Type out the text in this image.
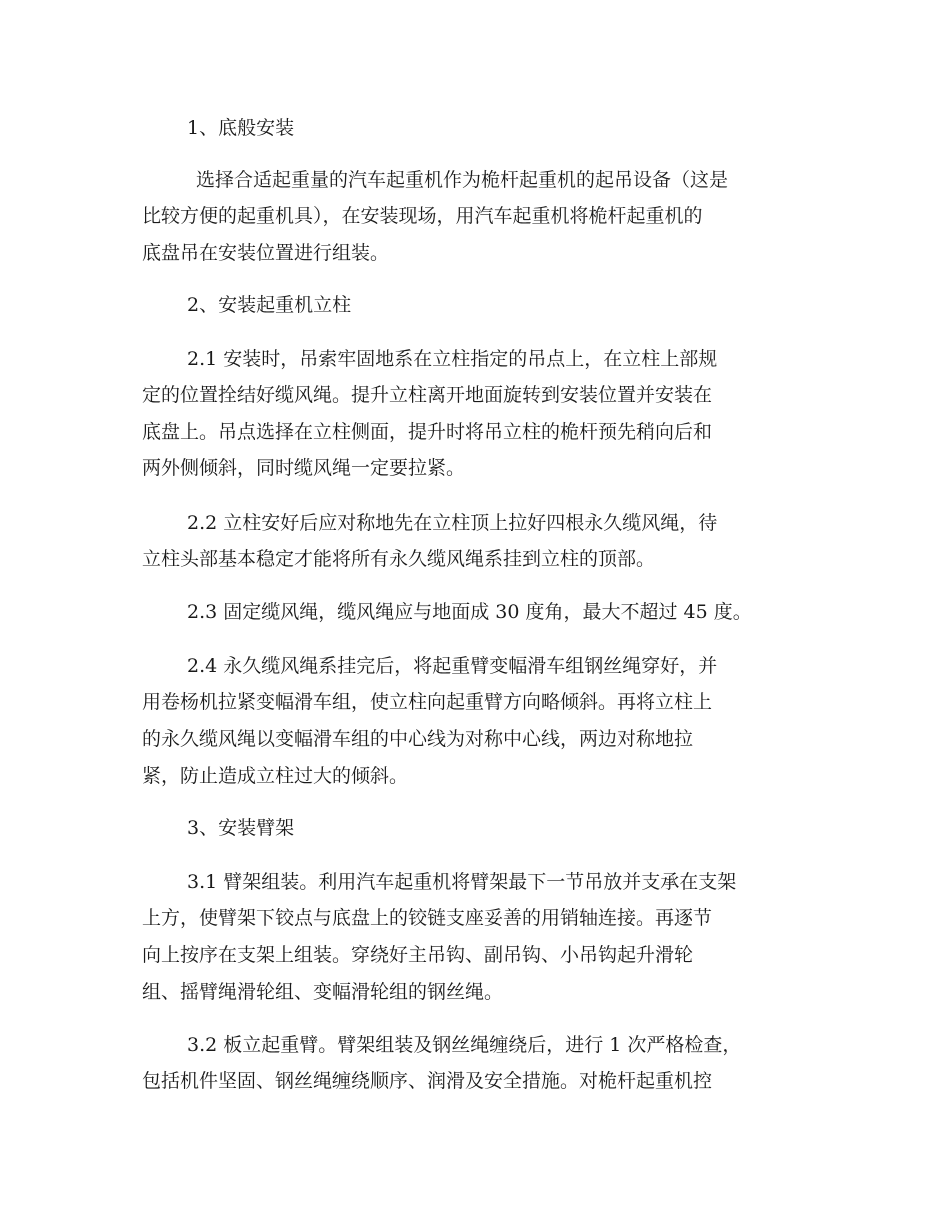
1、底般安装

选择合适起重量的汽车起重机作为桅杆起重机的起吊设备（这是

比较方便的起重机具），在安装现场，用汽车起重机将桅杆起重机的

底盘吊在安装位置进行组装。

2、安装起重机立柱

2.1 安装时，吊索牢固地系在立柱指定的吊点上，在立柱上部规

定的位置拴结好缆风绳。提升立柱离开地面旋转到安装位置并安装在

底盘上。吊点选择在立柱侧面，提升时将吊立柱的桅杆预先稍向后和

两外侧倾斜，同时缆风绳一定要拉紧。

2.2 立柱安好后应对称地先在立柱顶上拉好四根永久缆风绳，待

立柱头部基本稳定才能将所有永久缆风绳系挂到立柱的顶部。

2.3 固定缆风绳，缆风绳应与地面成 30 度角，最大不超过 45 度。

2.4 永久缆风绳系挂完后，将起重臂变幅滑车组钢丝绳穿好，并

用卷杨机拉紧变幅滑车组，使立柱向起重臂方向略倾斜。再将立柱上

的永久缆风绳以变幅滑车组的中心线为对称中心线，两边对称地拉

紧，防止造成立柱过大的倾斜。

3、安装臂架

3.1 臂架组装。利用汽车起重机将臂架最下一节吊放并支承在支架

上方，使臂架下铰点与底盘上的铰链支座妥善的用销轴连接。再逐节

向上按序在支架上组装。穿绕好主吊钩、副吊钩、小吊钩起升滑轮

组、摇臂绳滑轮组、变幅滑轮组的钢丝绳。

3.2 板立起重臂。臂架组装及钢丝绳缠绕后，进行 1 次严格检查，

包括机件坚固、钢丝绳缠绕顺序、润滑及安全措施。对桅杆起重机控
